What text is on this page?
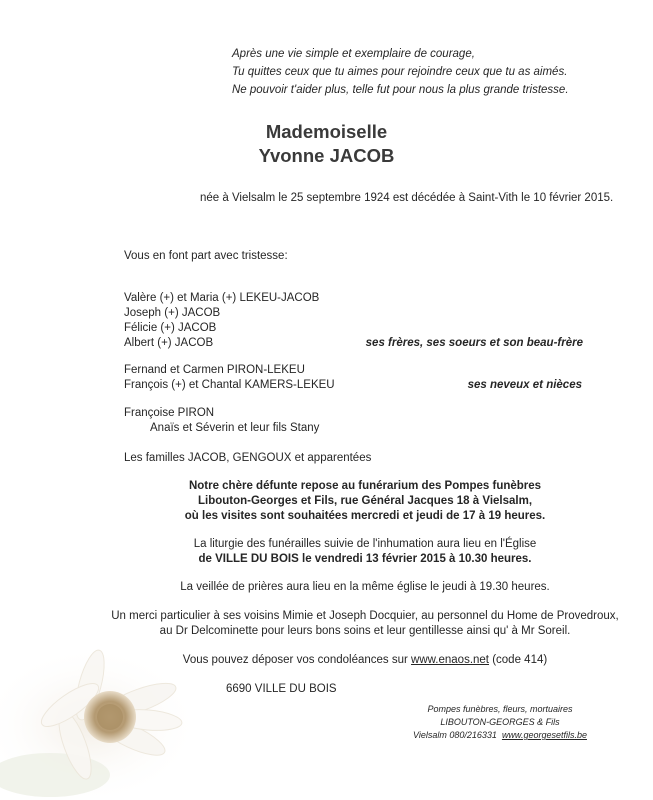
Après une vie simple et exemplaire de courage,
Tu quittes ceux que tu aimes pour rejoindre ceux que tu as aimés.
Ne pouvoir t'aider plus, telle fut pour nous la plus grande tristesse.
Mademoiselle
Yvonne JACOB
née à Vielsalm le 25 septembre 1924 est décédée à Saint-Vith le 10 février 2015.
Vous en font part avec tristesse:
Valère (+) et Maria (+) LEKEU-JACOB
Joseph (+) JACOB
Félicie (+) JACOB
Albert (+) JACOB	ses frères, ses soeurs et son beau-frère
Fernand et Carmen PIRON-LEKEU
François (+) et Chantal KAMERS-LEKEU	ses neveux et nièces
Françoise PIRON
Anaïs et Séverin et leur fils Stany
Les familles JACOB, GENGOUX et apparentées
Notre chère défunte repose au funérarium des Pompes funèbres
Libouton-Georges et Fils, rue Général Jacques 18 à Vielsalm,
où les visites sont souhaitées mercredi et jeudi de 17 à 19 heures.
La liturgie des funérailles suivie de l'inhumation aura lieu en l'Église
de VILLE DU BOIS le vendredi 13 février 2015 à 10.30 heures.
La veillée de prières aura lieu en la même église le jeudi à 19.30 heures.
Un merci particulier à ses voisins Mimie et Joseph Docquier, au personnel du Home de Provedroux,
au Dr Delcominette pour leurs bons soins et leur gentillesse ainsi qu' à Mr Soreil.
Vous pouvez déposer vos condoléances sur www.enaos.net (code 414)
6690 VILLE DU BOIS
Pompes funèbres, fleurs, mortuaires
LIBOUTON-GEORGES & Fils
Vielsalm 080/216331 www.georgesetfils.be
